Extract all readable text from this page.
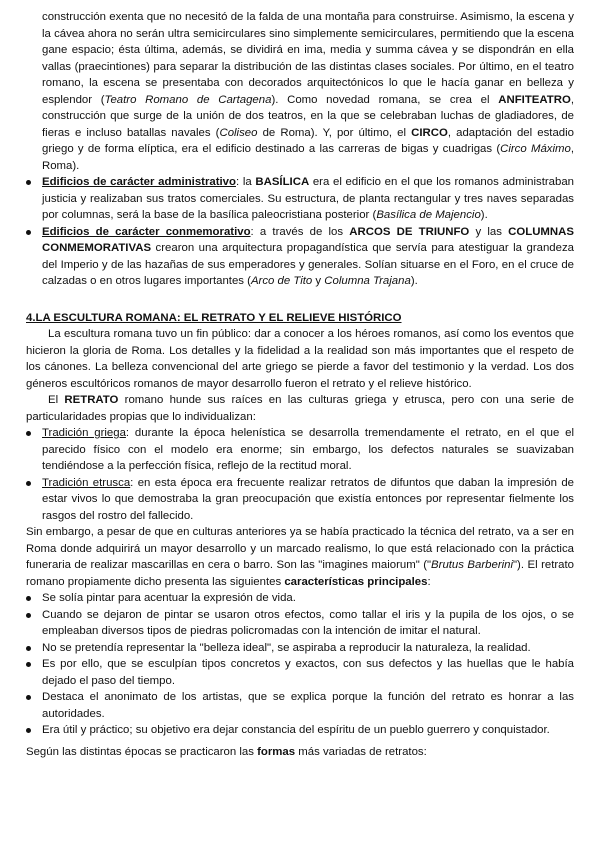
construcción exenta que no necesitó de la falda de una montaña para construirse. Asimismo, la escena y la cávea ahora no serán ultra semicirculares sino simplemente semicirculares, permitiendo que la escena gane espacio; ésta última, además, se dividirá en ima, media y summa cávea y se dispondrán en ella vallas (praecintiones) para separar la distribución de las distintas clases sociales. Por último, en el teatro romano, la escena se presentaba con decorados arquitectónicos lo que le hacía ganar en belleza y esplendor (Teatro Romano de Cartagena). Como novedad romana, se crea el ANFITEATRO, construcción que surge de la unión de dos teatros, en la que se celebraban luchas de gladiadores, de fieras e incluso batallas navales (Coliseo de Roma). Y, por último, el CIRCO, adaptación del estadio griego y de forma elíptica, era el edificio destinado a las carreras de bigas y cuadrigas (Circo Máximo, Roma).

Edificios de carácter administrativo: la BASÍLICA era el edificio en el que los romanos administraban justicia y realizaban sus tratos comerciales. Su estructura, de planta rectangular y tres naves separadas por columnas, será la base de la basílica paleocristiana posterior (Basílica de Majencio).
Edificios de carácter conmemorativo: a través de los ARCOS DE TRIUNFO y las COLUMNAS CONMEMORATIVAS crearon una arquitectura propagandística que servía para atestiguar la grandeza del Imperio y de las hazañas de sus emperadores y generales. Solían situarse en el Foro, en el cruce de calzadas o en otros lugares importantes (Arco de Tito y Columna Trajana).

4.LA ESCULTURA ROMANA: EL RETRATO Y EL RELIEVE HISTÓRICO

La escultura romana tuvo un fin público: dar a conocer a los héroes romanos, así como los eventos que hicieron la gloria de Roma. Los detalles y la fidelidad a la realidad son más importantes que el respeto de los cánones. La belleza convencional del arte griego se pierde a favor del testimonio y la verdad. Los dos géneros escultóricos romanos de mayor desarrollo fueron el retrato y el relieve histórico.

El RETRATO romano hunde sus raíces en las culturas griega y etrusca, pero con una serie de particularidades propias que lo individualizan:

Tradición griega: durante la época helenística se desarrolla tremendamente el retrato, en el que el parecido físico con el modelo era enorme; sin embargo, los defectos naturales se suavizaban tendiéndose a la perfección física, reflejo de la rectitud moral.
Tradición etrusca: en esta época era frecuente realizar retratos de difuntos que daban la impresión de estar vivos lo que demostraba la gran preocupación que existía entonces por representar fielmente los rasgos del rostro del fallecido.

Sin embargo, a pesar de que en culturas anteriores ya se había practicado la técnica del retrato, va a ser en Roma donde adquirirá un mayor desarrollo y un marcado realismo, lo que está relacionado con la práctica funeraria de realizar mascarillas en cera o barro. Son las "imagines maiorum" ("Brutus Barberini"). El retrato romano propiamente dicho presenta las siguientes características principales:

Se solía pintar para acentuar la expresión de vida.
Cuando se dejaron de pintar se usaron otros efectos, como tallar el iris y la pupila de los ojos, o se empleaban diversos tipos de piedras policromadas con la intención de imitar el natural.
No se pretendía representar la "belleza ideal", se aspiraba a reproducir la naturaleza, la realidad.
Es por ello, que se esculpían tipos concretos y exactos, con sus defectos y las huellas que le había dejado el paso del tiempo.
Destaca el anonimato de los artistas, que se explica porque la función del retrato es honrar a las autoridades.
Era útil y práctico; su objetivo era dejar constancia del espíritu de un pueblo guerrero y conquistador.

Según las distintas épocas se practicaron las formas más variadas de retratos:
